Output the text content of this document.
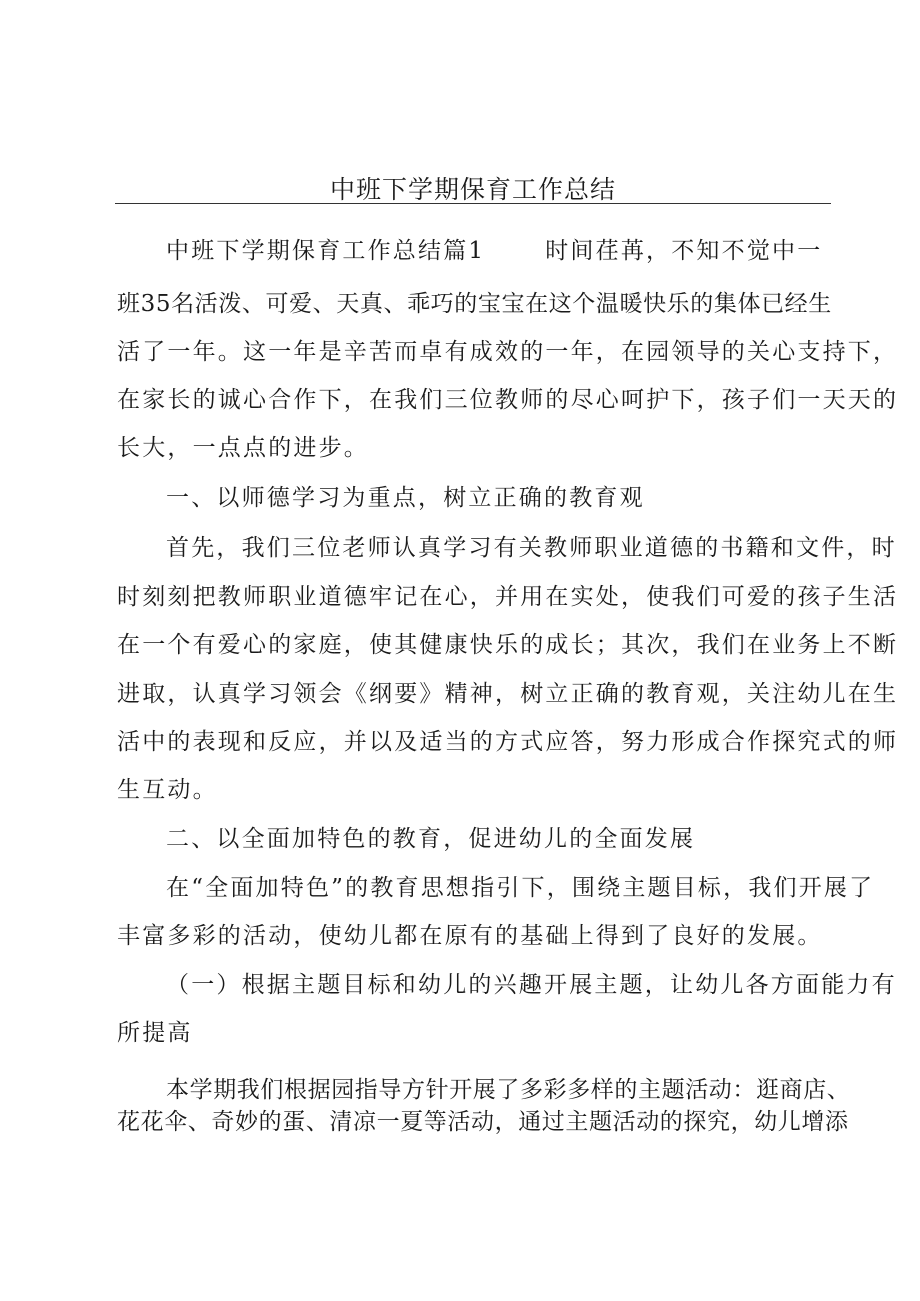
中班下学期保育工作总结
中班下学期保育工作总结篇1	时间荏苒，不知不觉中一
班35名活泼、可爱、天真、乖巧的宝宝在这个温暖快乐的集体已经生
活了一年。这一年是辛苦而卓有成效的一年，在园领导的关心支持下，
在家长的诚心合作下，在我们三位教师的尽心呵护下，孩子们一天天的
长大，一点点的进步。
一、以师德学习为重点，树立正确的教育观
首先，我们三位老师认真学习有关教师职业道德的书籍和文件，时
时刻刻把教师职业道德牢记在心，并用在实处，使我们可爱的孩子生活
在一个有爱心的家庭，使其健康快乐的成长；其次，我们在业务上不断
进取，认真学习领会《纲要》精神，树立正确的教育观，关注幼儿在生
活中的表现和反应，并以及适当的方式应答，努力形成合作探究式的师
生互动。
二、以全面加特色的教育，促进幼儿的全面发展
在“全面加特色”的教育思想指引下，围绕主题目标，我们开展了
丰富多彩的活动，使幼儿都在原有的基础上得到了良好的发展。
（一）根据主题目标和幼儿的兴趣开展主题，让幼儿各方面能力有
所提高
本学期我们根据园指导方针开展了多彩多样的主题活动：逛商店、
花花伞、奇妙的蛋、清凉一夏等活动，通过主题活动的探究，幼儿增添
